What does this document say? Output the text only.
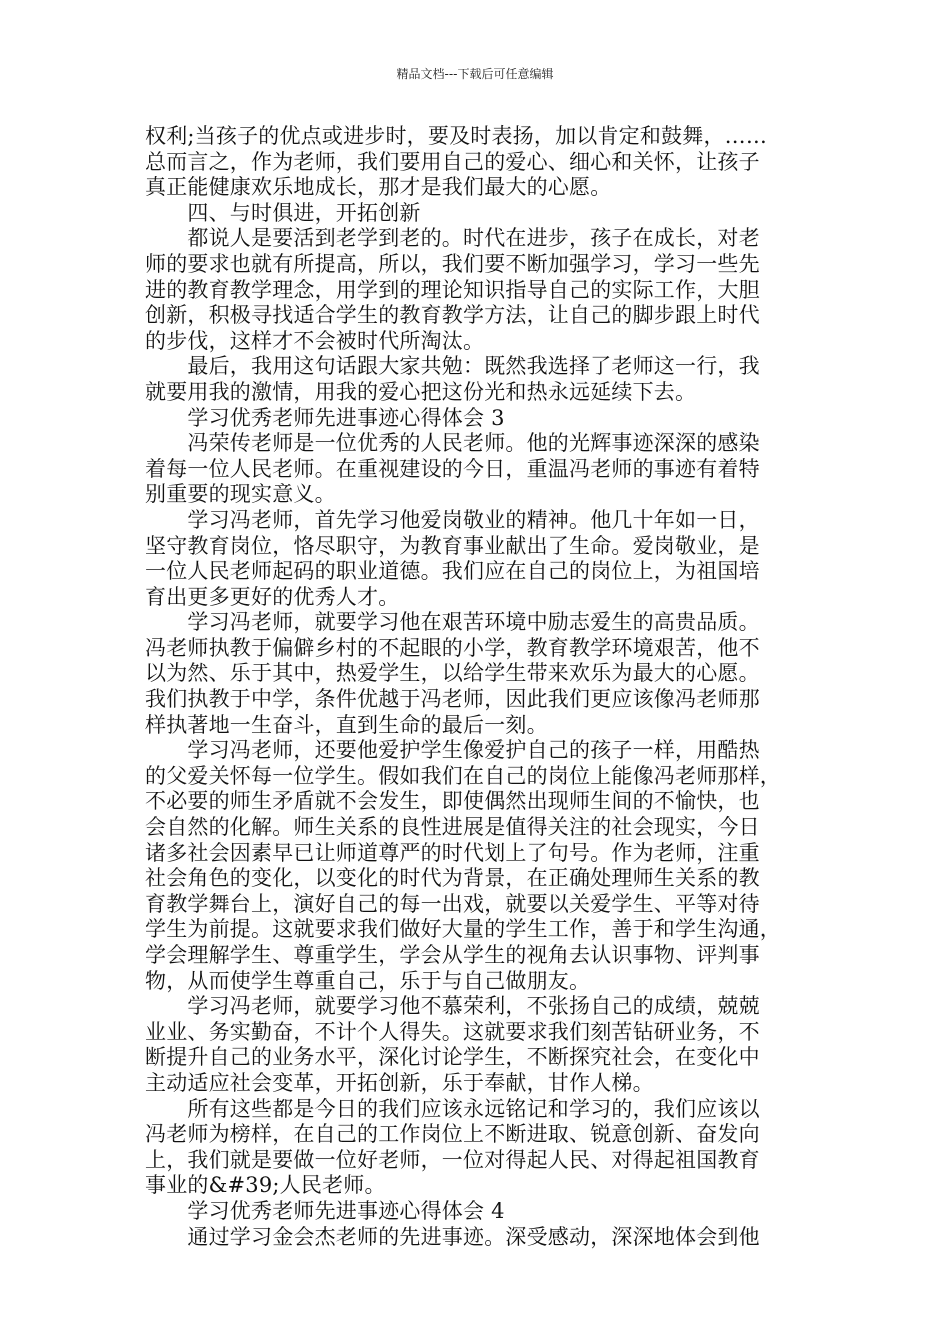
精品文档---下载后可任意编辑
权利;当孩子的优点或进步时，要及时表扬，加以肯定和鼓舞，……
总而言之，作为老师，我们要用自己的爱心、细心和关怀，让孩子
真正能健康欢乐地成长，那才是我们最大的心愿。
　　四、与时俱进，开拓创新
　　都说人是要活到老学到老的。时代在进步，孩子在成长，对老
师的要求也就有所提高，所以，我们要不断加强学习，学习一些先
进的教育教学理念，用学到的理论知识指导自己的实际工作，大胆
创新，积极寻找适合学生的教育教学方法，让自己的脚步跟上时代
的步伐，这样才不会被时代所淘汰。
　　最后，我用这句话跟大家共勉：既然我选择了老师这一行，我
就要用我的激情，用我的爱心把这份光和热永远延续下去。
　　学习优秀老师先进事迹心得体会 3
　　冯荣传老师是一位优秀的人民老师。他的光辉事迹深深的感染
着每一位人民老师。在重视建设的今日，重温冯老师的事迹有着特
别重要的现实意义。
　　学习冯老师，首先学习他爱岗敬业的精神。他几十年如一日，
坚守教育岗位，恪尽职守，为教育事业献出了生命。爱岗敬业，是
一位人民老师起码的职业道德。我们应在自己的岗位上，为祖国培
育出更多更好的优秀人才。
　　学习冯老师，就要学习他在艰苦环境中励志爱生的高贵品质。
冯老师执教于偏僻乡村的不起眼的小学，教育教学环境艰苦，他不
以为然、乐于其中，热爱学生，以给学生带来欢乐为最大的心愿。
我们执教于中学，条件优越于冯老师，因此我们更应该像冯老师那
样执著地一生奋斗，直到生命的最后一刻。
　　学习冯老师，还要他爱护学生像爱护自己的孩子一样，用酷热
的父爱关怀每一位学生。假如我们在自己的岗位上能像冯老师那样，
不必要的师生矛盾就不会发生，即使偶然出现师生间的不愉快，也
会自然的化解。师生关系的良性进展是值得关注的社会现实，今日
诸多社会因素早已让师道尊严的时代划上了句号。作为老师，注重
社会角色的变化，以变化的时代为背景，在正确处理师生关系的教
育教学舞台上，演好自己的每一出戏，就要以关爱学生、平等对待
学生为前提。这就要求我们做好大量的学生工作，善于和学生沟通，
学会理解学生、尊重学生，学会从学生的视角去认识事物、评判事
物，从而使学生尊重自己，乐于与自己做朋友。
　　学习冯老师，就要学习他不慕荣利，不张扬自己的成绩，兢兢
业业、务实勤奋，不计个人得失。这就要求我们刻苦钻研业务，不
断提升自己的业务水平，深化讨论学生，不断探究社会，在变化中
主动适应社会变革，开拓创新，乐于奉献，甘作人梯。
　　所有这些都是今日的我们应该永远铭记和学习的，我们应该以
冯老师为榜样，在自己的工作岗位上不断进取、锐意创新、奋发向
上，我们就是要做一位好老师，一位对得起人民、对得起祖国教育
事业的&#39;人民老师。
　　学习优秀老师先进事迹心得体会 4
　　通过学习金会杰老师的先进事迹。深受感动，深深地体会到他
